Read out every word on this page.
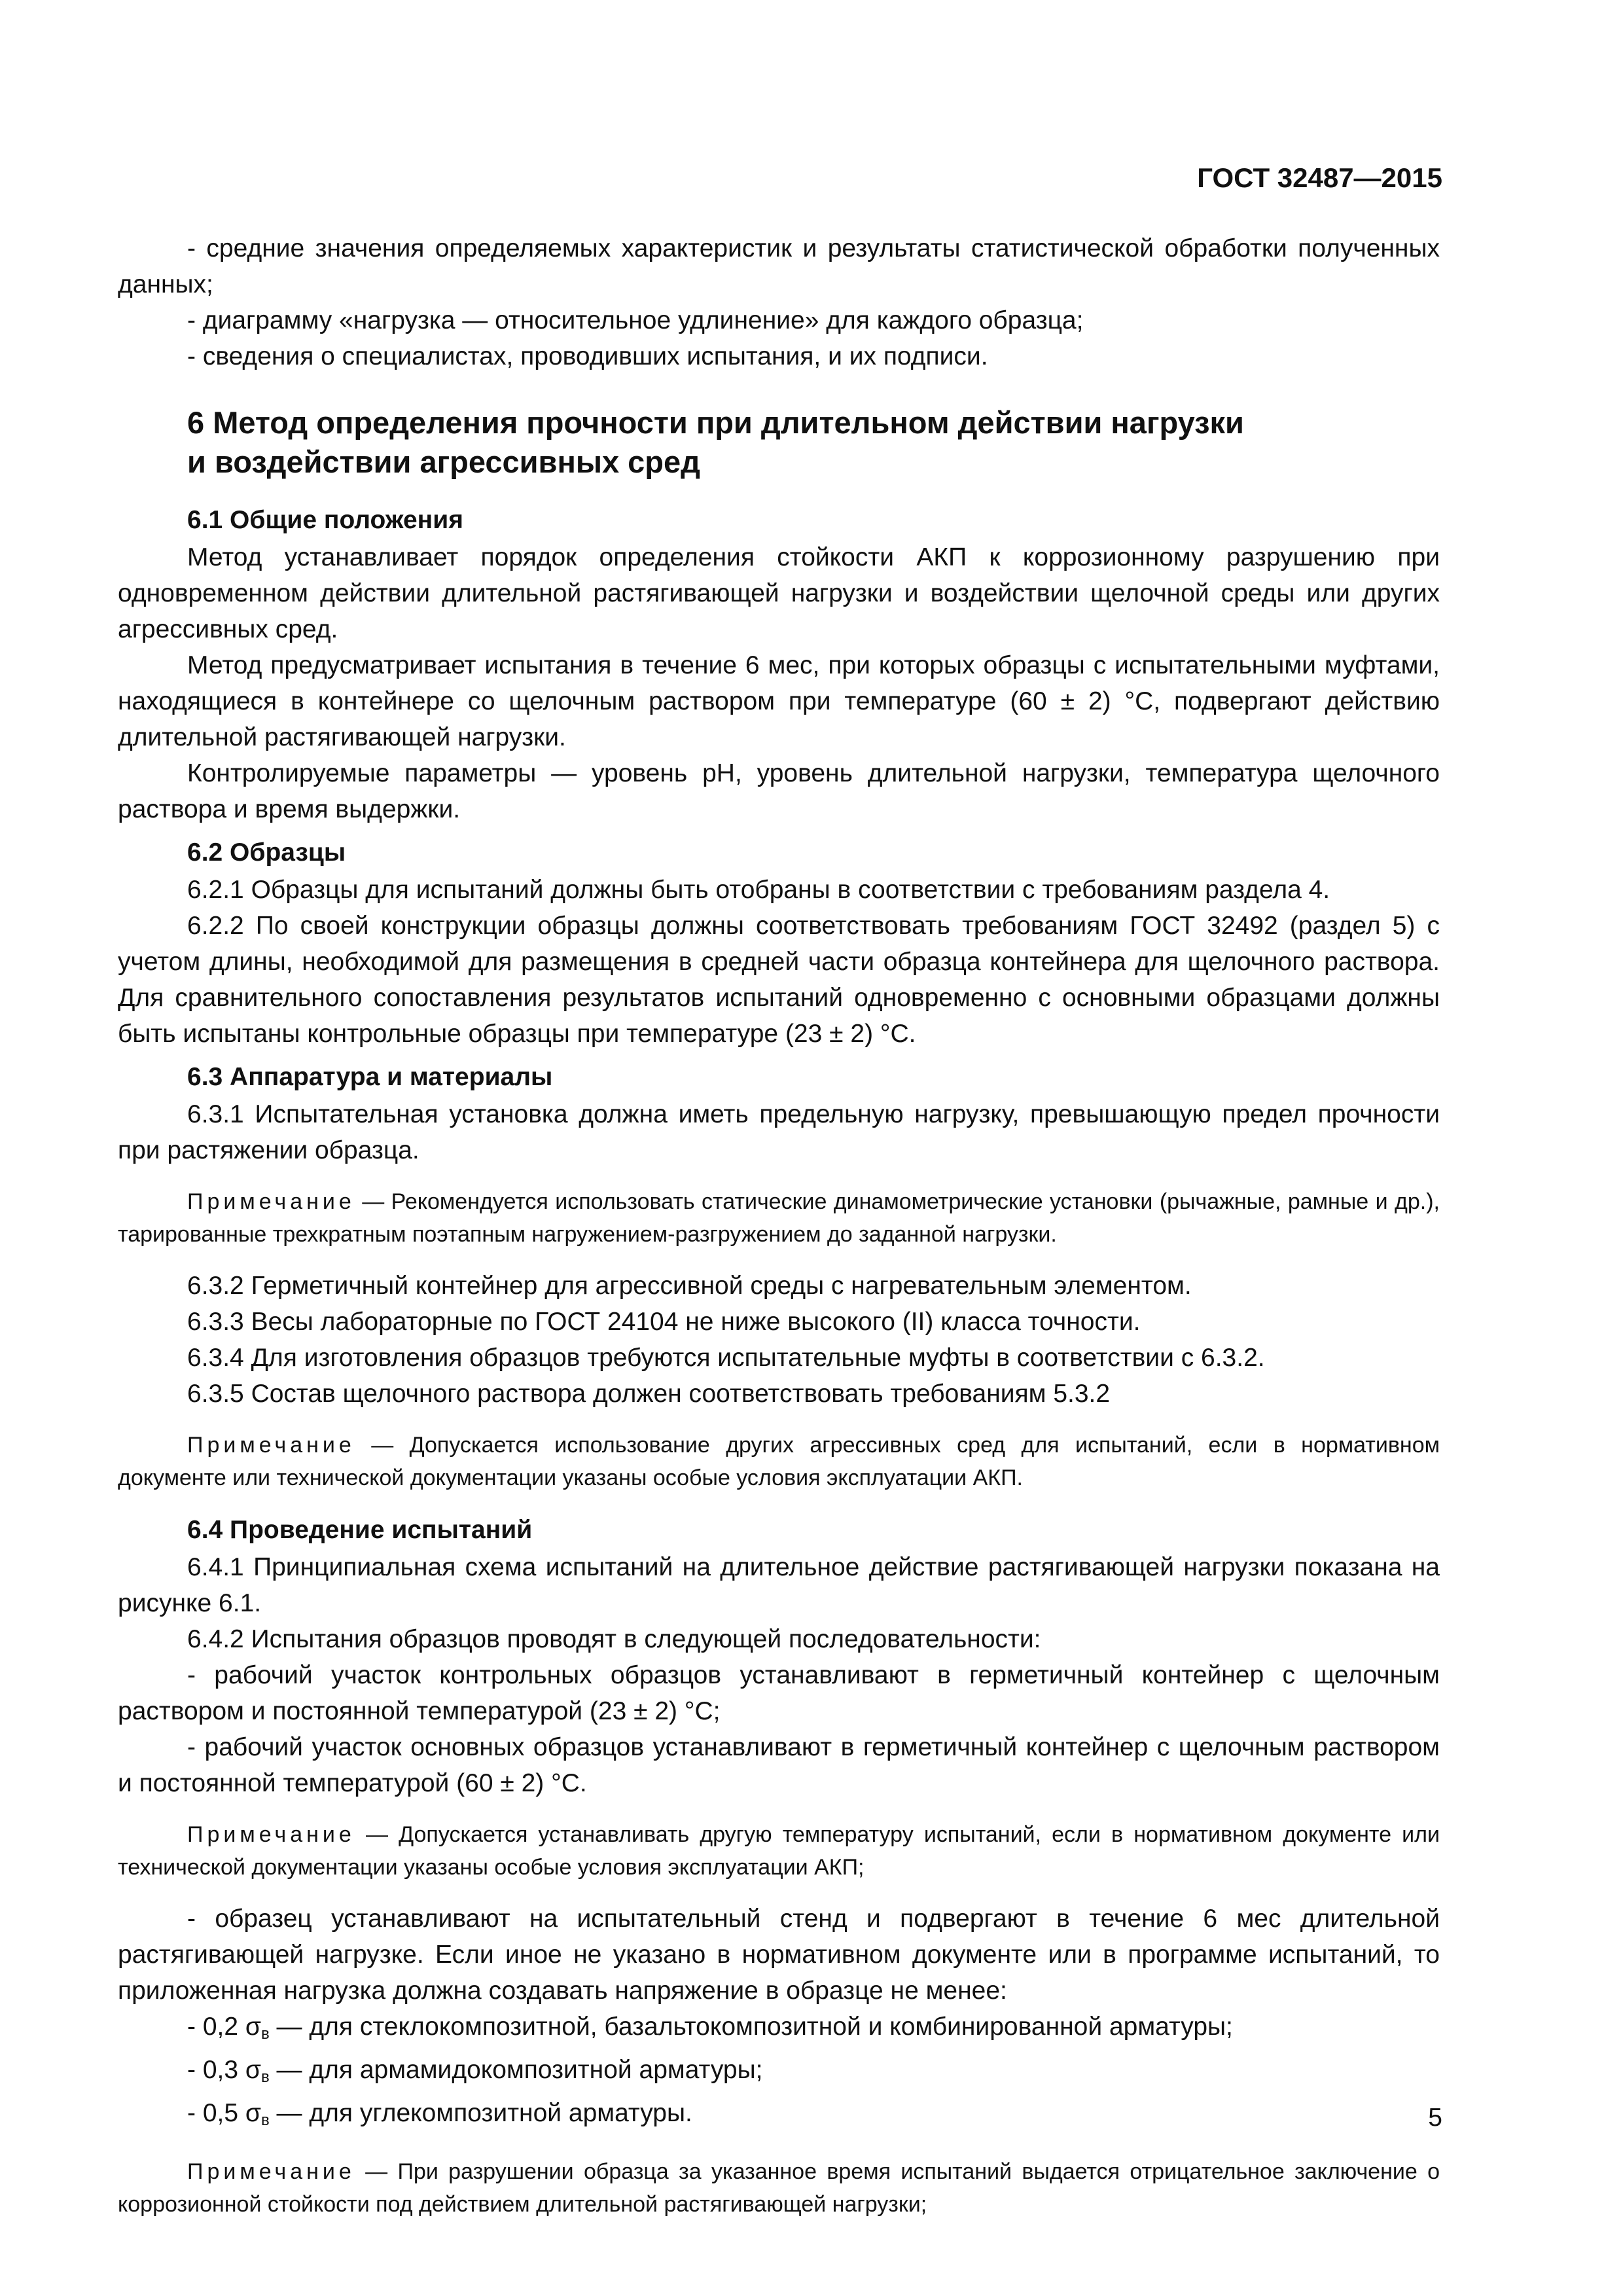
ГОСТ 32487—2015

- средние значения определяемых характеристик и результаты статистической обработки полученных данных;

- диаграмму «нагрузка — относительное удлинение» для каждого образца;

- сведения о специалистах, проводивших испытания, и их подписи.

6 Метод определения прочности при длительном действии нагрузки
и воздействии агрессивных сред
6.1 Общие положения

Метод устанавливает порядок определения стойкости АКП к коррозионному разрушению при одновременном действии длительной растягивающей нагрузки и воздействии щелочной среды или других агрессивных сред.

Метод предусматривает испытания в течение 6 мес, при которых образцы с испытательными муфтами, находящиеся в контейнере со щелочным раствором при температуре (60 ± 2) °С, подвергают действию длительной растягивающей нагрузки.

Контролируемые параметры — уровень pH, уровень длительной нагрузки, температура щелочного раствора и время выдержки.

6.2 Образцы

6.2.1 Образцы для испытаний должны быть отобраны в соответствии с требованиям раздела 4.

6.2.2 По своей конструкции образцы должны соответствовать требованиям ГОСТ 32492 (раздел 5) с учетом длины, необходимой для размещения в средней части образца контейнера для щелочного раствора. Для сравнительного сопоставления результатов испытаний одновременно с основными образцами должны быть испытаны контрольные образцы при температуре (23 ± 2) °С.

6.3 Аппаратура и материалы

6.3.1 Испытательная установка должна иметь предельную нагрузку, превышающую предел прочности при растяжении образца.

Примечание — Рекомендуется использовать статические динамометрические установки (рычажные, рамные и др.), тарированные трехкратным поэтапным нагружением-разгружением до заданной нагрузки.

6.3.2 Герметичный контейнер для агрессивной среды с нагревательным элементом.

6.3.3 Весы лабораторные по ГОСТ 24104 не ниже высокого (II) класса точности.

6.3.4 Для изготовления образцов требуются испытательные муфты в соответствии с 6.3.2.

6.3.5 Состав щелочного раствора должен соответствовать требованиям 5.3.2

Примечание — Допускается использование других агрессивных сред для испытаний, если в нормативном документе или технической документации указаны особые условия эксплуатации АКП.

6.4 Проведение испытаний

6.4.1 Принципиальная схема испытаний на длительное действие растягивающей нагрузки показана на рисунке 6.1.

6.4.2 Испытания образцов проводят в следующей последовательности:

- рабочий участок контрольных образцов устанавливают в герметичный контейнер с щелочным раствором и постоянной температурой (23 ± 2) °С;

- рабочий участок основных образцов устанавливают в герметичный контейнер с щелочным раствором и постоянной температурой (60 ± 2) °С.

Примечание — Допускается устанавливать другую температуру испытаний, если в нормативном документе или технической документации указаны особые условия эксплуатации АКП;

- образец устанавливают на испытательный стенд и подвергают в течение 6 мес длительной растягивающей нагрузке. Если иное не указано в нормативном документе или в программе испытаний, то приложенная нагрузка должна создавать напряжение в образце не менее:

- 0,2 $\sigma_в$ — для стеклокомпозитной, базальтокомпозитной и комбинированной арматуры;

- 0,3 $\sigma_в$ — для армамидокомпозитной арматуры;

- 0,5 $\sigma_в$ — для углекомпозитной арматуры.

Примечание — При разрушении образца за указанное время испытаний выдается отрицательное заключение о коррозионной стойкости под действием длительной растягивающей нагрузки;

5
